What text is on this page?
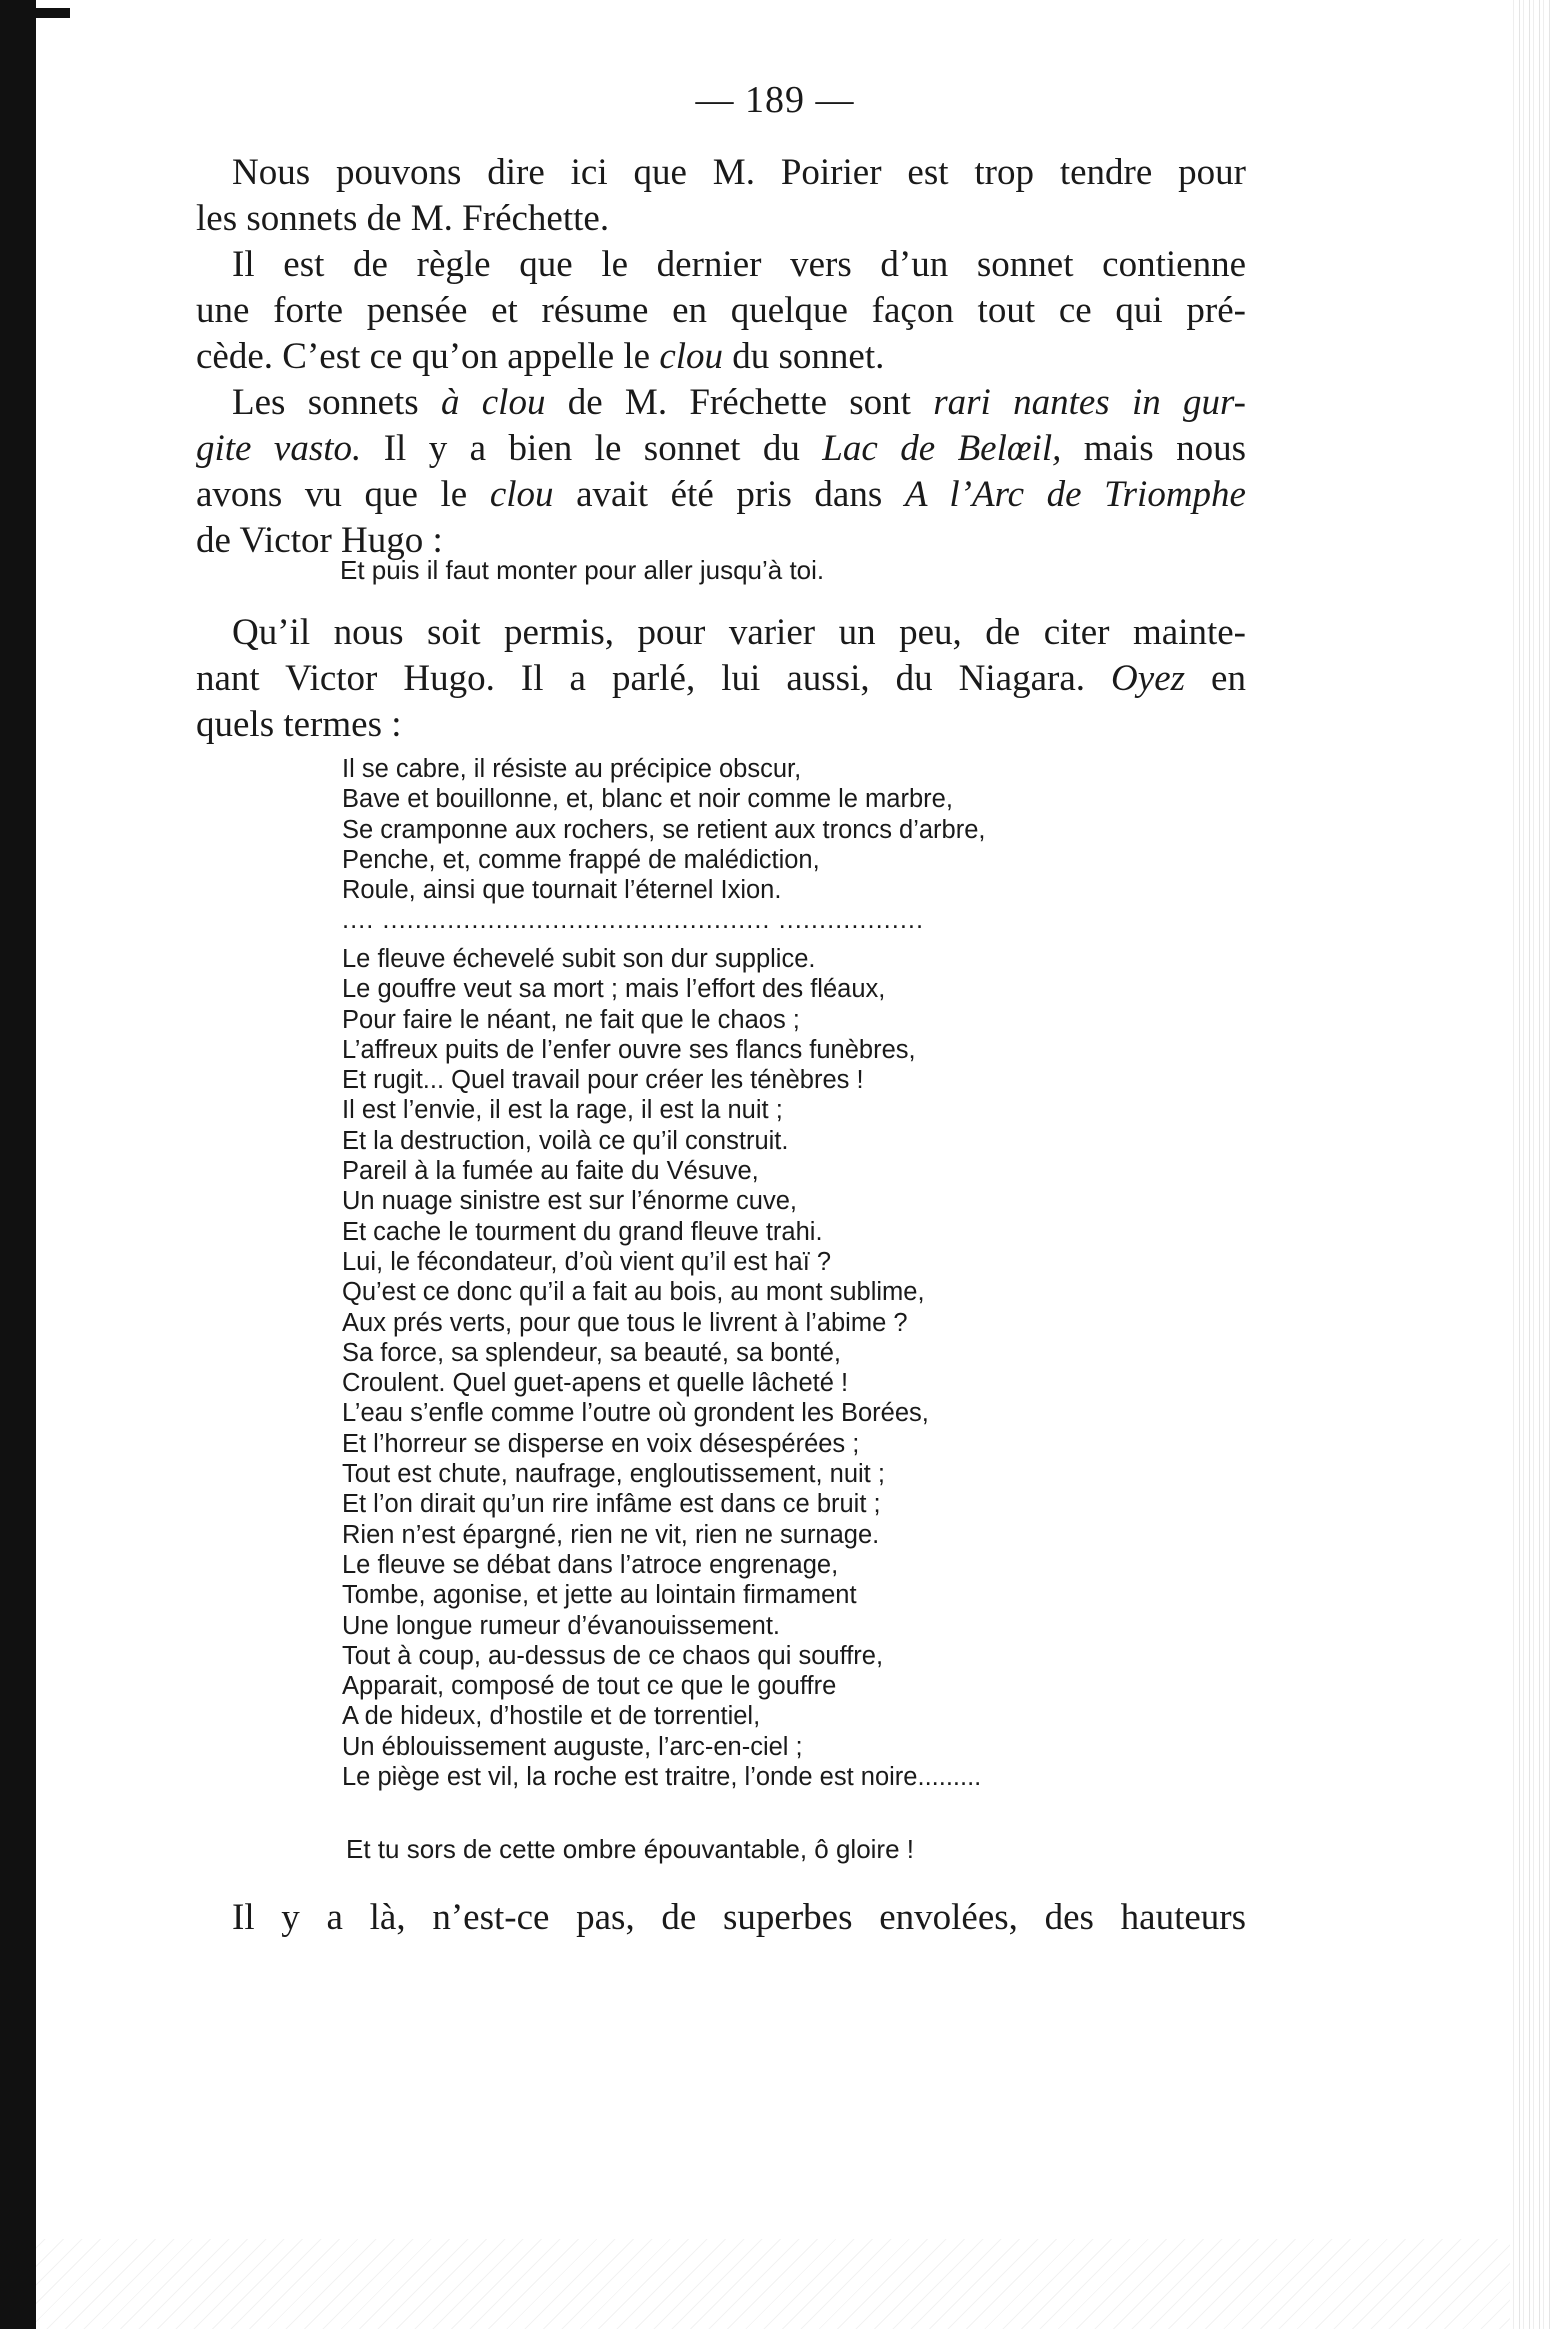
— 189 —
Nous pouvons dire ici que M. Poirier est trop tendre pour
les sonnets de M. Fréchette.
Il est de règle que le dernier vers d’un sonnet contienne
une forte pensée et résume en quelque façon tout ce qui pré-
cède. C’est ce qu’on appelle le clou du sonnet.
Les sonnets à clou de M. Fréchette sont rari nantes in gur-
gite vasto. Il y a bien le sonnet du Lac de Belœil, mais nous
avons vu que le clou avait été pris dans A l’Arc de Triomphe
de Victor Hugo :
Et puis il faut monter pour aller jusqu’à toi.
Qu’il nous soit permis, pour varier un peu, de citer mainte-
nant Victor Hugo. Il a parlé, lui aussi, du Niagara. Oyez en
quels termes :
Il se cabre, il résiste au précipice obscur,
Bave et bouillonne, et, blanc et noir comme le marbre,
Se cramponne aux rochers, se retient aux troncs d’arbre,
Penche, et, comme frappé de malédiction,
Roule, ainsi que tournait l’éternel Ixion.
.... ................................................ ..................
Le fleuve échevelé subit son dur supplice.
Le gouffre veut sa mort ; mais l’effort des fléaux,
Pour faire le néant, ne fait que le chaos ;
L’affreux puits de l’enfer ouvre ses flancs funèbres,
Et rugit... Quel travail pour créer les ténèbres !
Il est l’envie, il est la rage, il est la nuit ;
Et la destruction, voilà ce qu’il construit.
Pareil à la fumée au faite du Vésuve,
Un nuage sinistre est sur l’énorme cuve,
Et cache le tourment du grand fleuve trahi.
Lui, le fécondateur, d’où vient qu’il est haï ?
Qu’est ce donc qu’il a fait au bois, au mont sublime,
Aux prés verts, pour que tous le livrent à l’abime ?
Sa force, sa splendeur, sa beauté, sa bonté,
Croulent. Quel guet-apens et quelle lâcheté !
L’eau s’enfle comme l’outre où grondent les Borées,
Et l’horreur se disperse en voix désespérées ;
Tout est chute, naufrage, engloutissement, nuit ;
Et l’on dirait qu’un rire infâme est dans ce bruit ;
Rien n’est épargné, rien ne vit, rien ne surnage.
Le fleuve se débat dans l’atroce engrenage,
Tombe, agonise, et jette au lointain firmament
Une longue rumeur d’évanouissement.
Tout à coup, au-dessus de ce chaos qui souffre,
Apparait, composé de tout ce que le gouffre
A de hideux, d’hostile et de torrentiel,
Un éblouissement auguste, l’arc-en-ciel ;
Le piège est vil, la roche est traitre, l’onde est noire.........
Et tu sors de cette ombre épouvantable, ô gloire !
Il y a là, n’est-ce pas, de superbes envolées, des hauteurs
